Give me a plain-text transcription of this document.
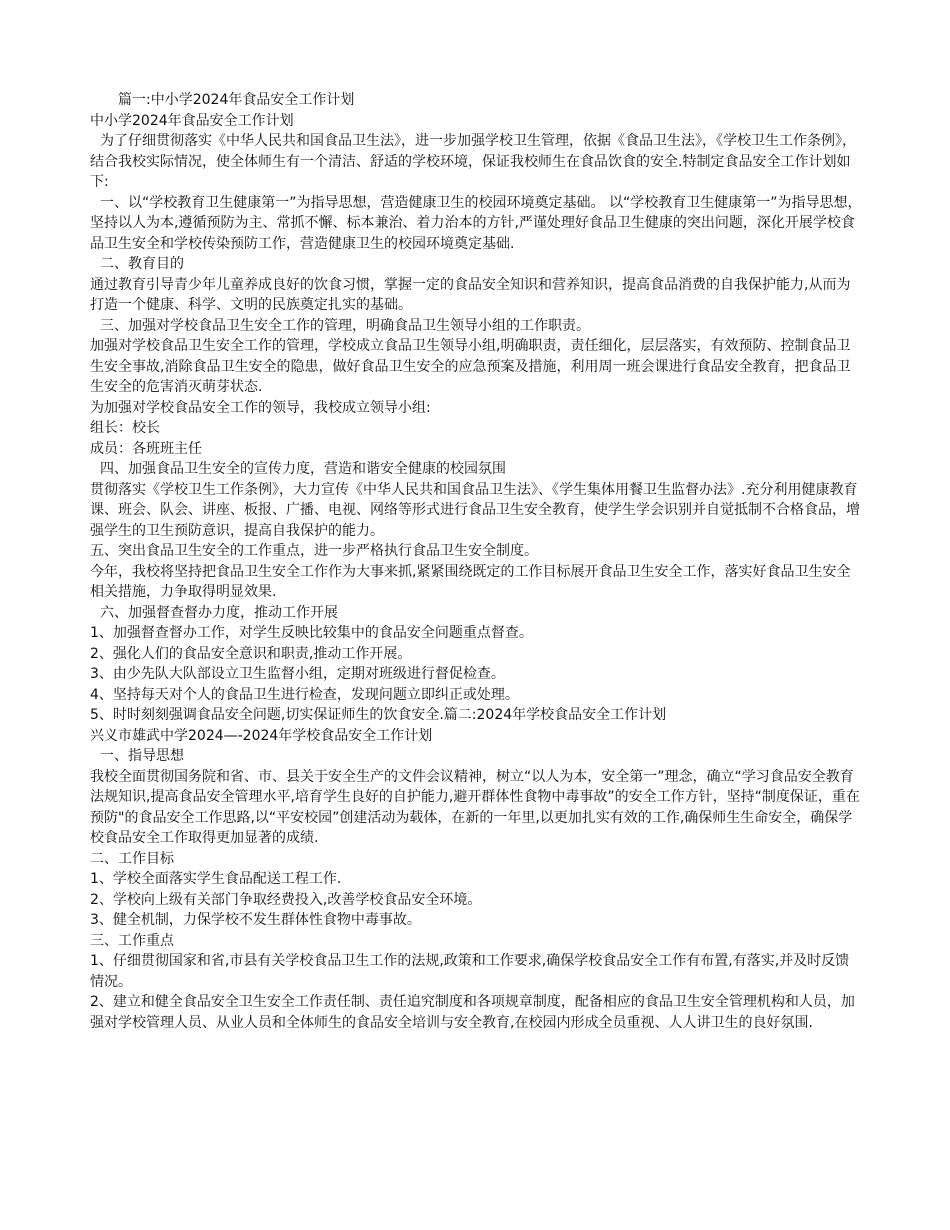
　　篇一:中小学2024年食品安全工作计划

中小学2024年食品安全工作计划

为了仔细贯彻落实《中华人民共和国食品卫生法》，进一步加强学校卫生管理，依据《食品卫生法》，《学校卫生工作条例》，结合我校实际情况，使全体师生有一个清洁、舒适的学校环境，保证我校师生在食品饮食的安全.特制定食品安全工作计划如下:

一、以“学校教育卫生健康第一”为指导思想，营造健康卫生的校园环境奠定基础。 以“学校教育卫生健康第一”为指导思想，坚持以人为本,遵循预防为主、常抓不懈、标本兼治、着力治本的方针,严谨处理好食品卫生健康的突出问题，深化开展学校食品卫生安全和学校传染预防工作，营造健康卫生的校园环境奠定基础.

二、教育目的

通过教育引导青少年儿童养成良好的饮食习惯，掌握一定的食品安全知识和营养知识，提高食品消费的自我保护能力,从而为打造一个健康、科学、文明的民族奠定扎实的基础。

三、加强对学校食品卫生安全工作的管理，明确食品卫生领导小组的工作职责。

加强对学校食品卫生安全工作的管理，学校成立食品卫生领导小组,明确职责，责任细化，层层落实，有效预防、控制食品卫生安全事故,消除食品卫生安全的隐患，做好食品卫生安全的应急预案及措施，利用周一班会课进行食品安全教育，把食品卫生安全的危害消灭萌芽状态.

为加强对学校食品安全工作的领导，我校成立领导小组:

组长：校长

成员：各班班主任

四、加强食品卫生安全的宣传力度，营造和谐安全健康的校园氛围

贯彻落实《学校卫生工作条例》，大力宣传《中华人民共和国食品卫生法》、《学生集体用餐卫生监督办法》.充分利用健康教育课、班会、队会、讲座、板报、广播、电视、网络等形式进行食品卫生安全教育，使学生学会识别并自觉抵制不合格食品，增强学生的卫生预防意识，提高自我保护的能力。

五、突出食品卫生安全的工作重点，进一步严格执行食品卫生安全制度。

今年，我校将坚持把食品卫生安全工作作为大事来抓,紧紧围绕既定的工作目标展开食品卫生安全工作，落实好食品卫生安全相关措施，力争取得明显效果.

六、加强督查督办力度，推动工作开展

1、加强督查督办工作，对学生反映比较集中的食品安全问题重点督查。

2、强化人们的食品安全意识和职责,推动工作开展。

3、由少先队大队部设立卫生监督小组，定期对班级进行督促检查。

4、坚持每天对个人的食品卫生进行检查，发现问题立即纠正或处理。

5、时时刻刻强调食品安全问题,切实保证师生的饮食安全.篇二:2024年学校食品安全工作计划

兴义市雄武中学2024—-2024年学校食品安全工作计划

一、指导思想

我校全面贯彻国务院和省、市、县关于安全生产的文件会议精神，树立“以人为本，安全第一”理念，确立“学习食品安全教育法规知识,提高食品安全管理水平,培育学生良好的自护能力,避开群体性食物中毒事故”的安全工作方针，坚持“制度保证，重在预防"的食品安全工作思路,以“平安校园”创建活动为载体，在新的一年里,以更加扎实有效的工作,确保师生生命安全，确保学校食品安全工作取得更加显著的成绩.

二、工作目标

1、学校全面落实学生食品配送工程工作.

2、学校向上级有关部门争取经费投入,改善学校食品安全环境。

3、健全机制，力保学校不发生群体性食物中毒事故。

三、工作重点

1、仔细贯彻国家和省,市县有关学校食品卫生工作的法规,政策和工作要求,确保学校食品安全工作有布置,有落实,并及时反馈情况。

2、建立和健全食品安全卫生安全工作责任制、责任追究制度和各项规章制度，配备相应的食品卫生安全管理机构和人员，加强对学校管理人员、从业人员和全体师生的食品安全培训与安全教育,在校园内形成全员重视、人人讲卫生的良好氛围.
